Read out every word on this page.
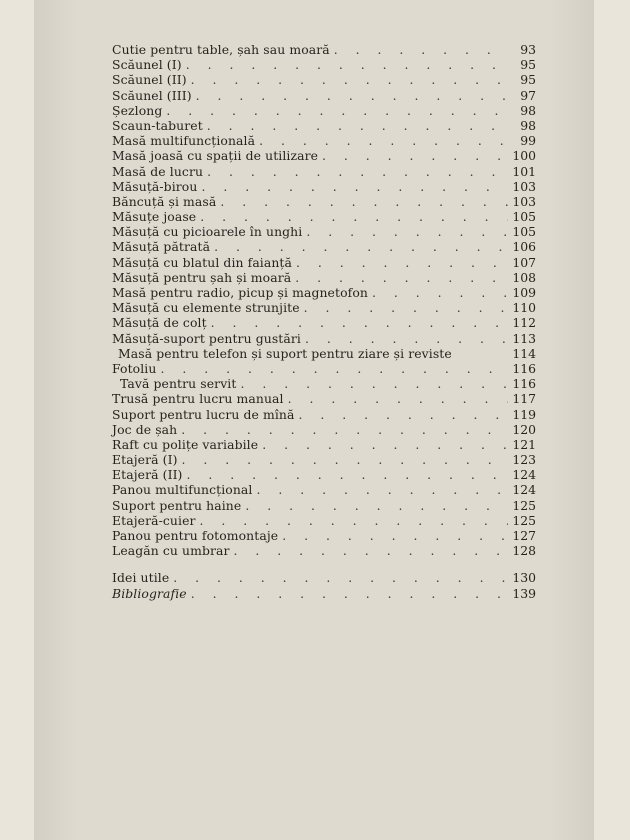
Cutie pentru table, șah sau moară . . .	93
Scăunel (I) . . .	95
Scăunel (II) . . .	95
Scăunel (III) . . .	97
Șezlong . . .	98
Scaun-taburet . . .	98
Masă multifuncțională . . .	99
Masă joasă cu spații de utilizare . . .	100
Masă de lucru . . .	101
Măsuță-birou . . .	103
Băncuță și masă . . .	103
Măsuțe joase . . .	105
Măsuță cu picioarele în unghi . . .	105
Măsuță pătrată . . .	106
Măsuță cu blatul din faianță . . .	107
Măsuță pentru șah și moară . . .	108
Masă pentru radio, picup și magnetofon . . .	109
Măsuță cu elemente strunjite . . .	110
Măsuță de colț . . .	112
Măsuță-suport pentru gustări . . .	113
Masă pentru telefon și suport pentru ziare și reviste	114
Fotoliu . . .	116
Tavă pentru servit . . .	116
Trusă pentru lucru manual . . .	117
Suport pentru lucru de mînă . . .	119
Joc de șah . . .	120
Raft cu polițe variabile . . .	121
Etajeră (I) . . .	123
Etajeră (II) . . .	124
Panou multifuncțional . . .	124
Suport pentru haine . . .	125
Etajeră-cuier . . .	125
Panou pentru fotomontaje . . .	127
Leagăn cu umbrar . . .	128
Idei utile . . .	130
Bibliografie . . .	139
